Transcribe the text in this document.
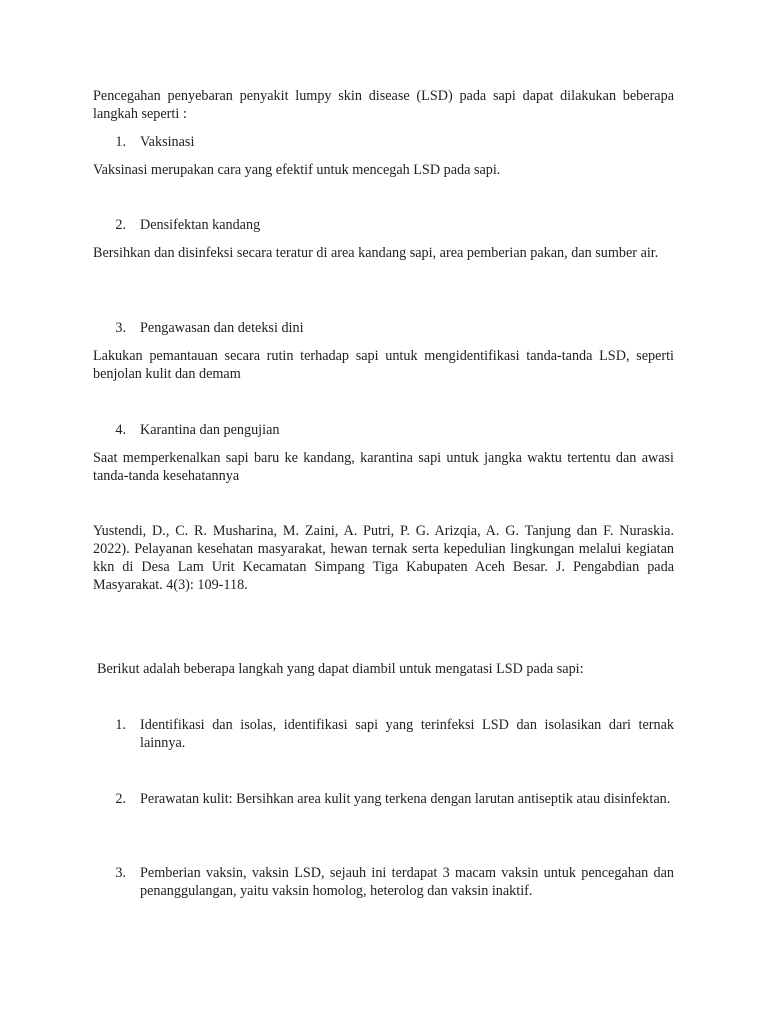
Pencegahan penyebaran penyakit lumpy skin disease (LSD) pada sapi dapat dilakukan beberapa langkah seperti :

1. Vaksinasi

Vaksinasi merupakan cara yang efektif untuk mencegah LSD pada sapi.

2. Densifektan kandang

Bersihkan dan disinfeksi secara teratur di area kandang sapi, area pemberian pakan, dan sumber air.

3. Pengawasan dan deteksi dini

Lakukan pemantauan secara rutin terhadap sapi untuk mengidentifikasi tanda-tanda LSD, seperti benjolan kulit dan demam

4. Karantina dan pengujian

Saat memperkenalkan sapi baru ke kandang, karantina sapi untuk jangka waktu tertentu dan awasi tanda-tanda kesehatannya

Yustendi, D., C. R. Musharina, M. Zaini, A. Putri, P. G. Arizqia, A. G. Tanjung dan F. Nuraskia. 2022). Pelayanan kesehatan masyarakat, hewan ternak serta kepedulian lingkungan melalui kegiatan kkn di Desa Lam Urit Kecamatan Simpang Tiga Kabupaten Aceh Besar. J. Pengabdian pada Masyarakat. 4(3): 109-118.

Berikut adalah beberapa langkah yang dapat diambil untuk mengatasi LSD pada sapi:

1. Identifikasi dan isolas, identifikasi sapi yang terinfeksi LSD dan isolasikan dari ternak lainnya.
2. Perawatan kulit: Bersihkan area kulit yang terkena dengan larutan antiseptik atau disinfektan.
3. Pemberian vaksin, vaksin LSD, sejauh ini terdapat 3 macam vaksin untuk pencegahan dan penanggulangan, yaitu vaksin homolog, heterolog dan vaksin inaktif.
